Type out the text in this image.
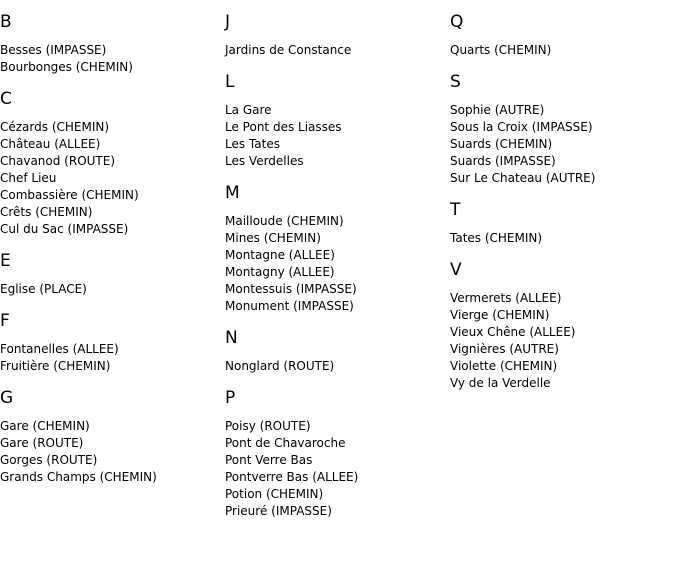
B
Besses (IMPASSE)
Bourbonges (CHEMIN)
C
Cézards (CHEMIN)
Château (ALLEE)
Chavanod (ROUTE)
Chef Lieu
Combassière (CHEMIN)
Crêts (CHEMIN)
Cul du Sac (IMPASSE)
E
Eglise (PLACE)
F
Fontanelles (ALLEE)
Fruitière (CHEMIN)
G
Gare (CHEMIN)
Gare (ROUTE)
Gorges (ROUTE)
Grands Champs (CHEMIN)
J
Jardins de Constance
L
La Gare
Le Pont des Liasses
Les Tates
Les Verdelles
M
Mailloude (CHEMIN)
Mines (CHEMIN)
Montagne (ALLEE)
Montagny (ALLEE)
Montessuis (IMPASSE)
Monument (IMPASSE)
N
Nonglard (ROUTE)
P
Poisy (ROUTE)
Pont de Chavaroche
Pont Verre Bas
Pontverre Bas (ALLEE)
Potion (CHEMIN)
Prieuré (IMPASSE)
Q
Quarts (CHEMIN)
S
Sophie (AUTRE)
Sous la Croix (IMPASSE)
Suards (CHEMIN)
Suards (IMPASSE)
Sur Le Chateau (AUTRE)
T
Tates (CHEMIN)
V
Vermerets (ALLEE)
Vierge (CHEMIN)
Vieux Chêne (ALLEE)
Vignières (AUTRE)
Violette (CHEMIN)
Vy de la Verdelle
